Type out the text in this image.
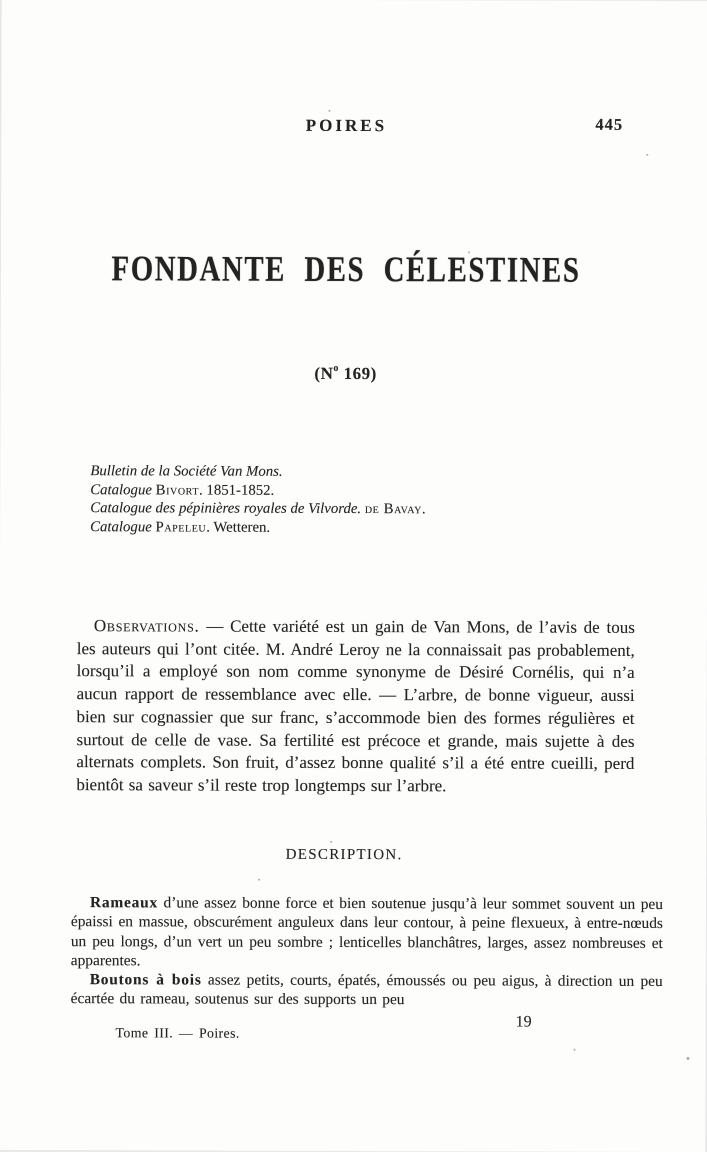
POIRES	445
FONDANTE DES CÉLESTINES
($N^o$ 169)
Bulletin de la Société Van Mons.
Catalogue Bivort. 1851-1852.
Catalogue des pépinières royales de Vilvorde. de Bavay.
Catalogue Papeleu. Wetteren.

Observations. — Cette variété est un gain de Van Mons, de l’avis de tous les auteurs qui l’ont citée. M. André Leroy ne la connaissait pas probablement, lorsqu’il a employé son nom comme synonyme de Désiré Cornélis, qui n’a aucun rapport de ressemblance avec elle. — L’arbre, de bonne vigueur, aussi bien sur cognassier que sur franc, s’accommode bien des formes régulières et surtout de celle de vase. Sa fertilité est précoce et grande, mais sujette à des alternats complets. Son fruit, d’assez bonne qualité s’il a été entre cueilli, perd bientôt sa saveur s’il reste trop longtemps sur l’arbre.

DESCRIPTION.

Rameaux d’une assez bonne force et bien soutenue jusqu’à leur sommet souvent un peu épaissi en massue, obscurément anguleux dans leur contour, à peine flexueux, à entre-nœuds un peu longs, d’un vert un peu sombre ; lenticelles blanchâtres, larges, assez nombreuses et apparentes.

Boutons à bois assez petits, courts, épatés, émoussés ou peu aigus, à direction un peu écartée du rameau, soutenus sur des supports un peu

Tome III. — Poires.
19
